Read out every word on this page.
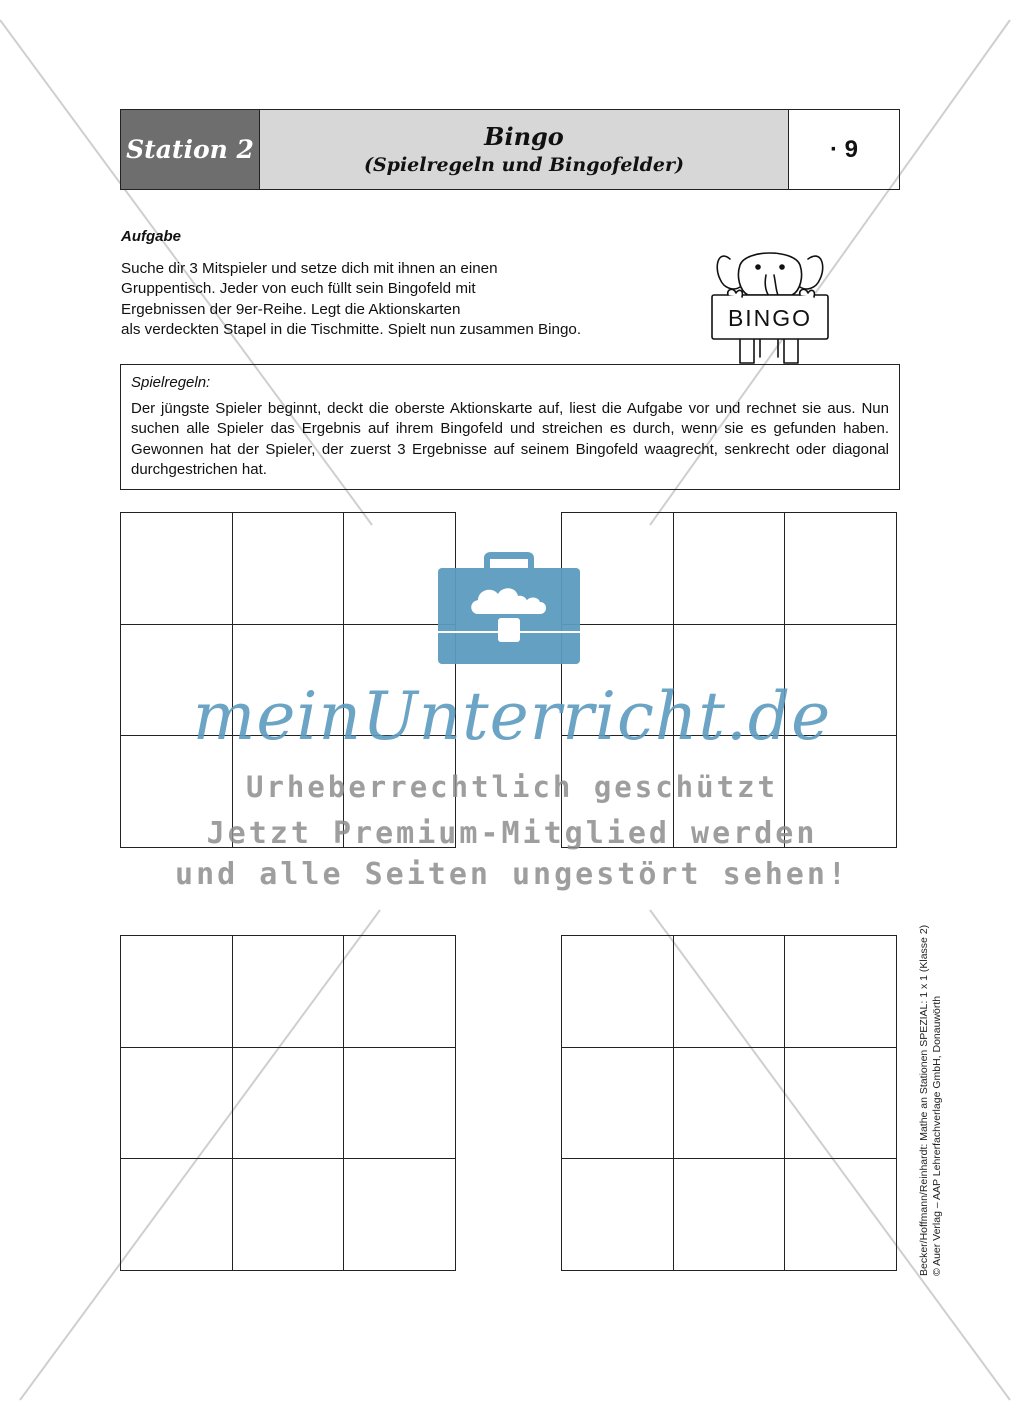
Station 2	Bingo
(Spielregeln und Bingofelder)
· 9
Aufgabe
Suche dir 3 Mitspieler und setze dich mit ihnen an einen
Gruppentisch. Jeder von euch füllt sein Bingofeld mit
Ergebnissen der 9er-Reihe. Legt die Aktionskarten
als verdeckten Stapel in die Tischmitte. Spielt nun zusammen Bingo.	BINGO
Spielregeln:
Der jüngste Spieler beginnt, deckt die oberste Aktionskarte auf, liest die Aufgabe vor und rechnet sie aus. Nun suchen alle Spieler das Ergebnis auf ihrem Bingofeld und streichen es durch, wenn sie es gefunden haben. Gewonnen hat der Spieler, der zuerst 3 Ergebnisse auf seinem Bingofeld waagrecht, senkrecht oder diagonal durchgestrichen hat.
meinUnterricht.de
Urheberrechtlich geschützt
Jetzt Premium-Mitglied werden
und alle Seiten ungestört sehen!
Becker/Hoffmann/Reinhardt: Mathe an Stationen SPEZIAL: 1 x 1 (Klasse 2) © Auer Verlag – AAP Lehrerfachverlage GmbH, Donauwörth
